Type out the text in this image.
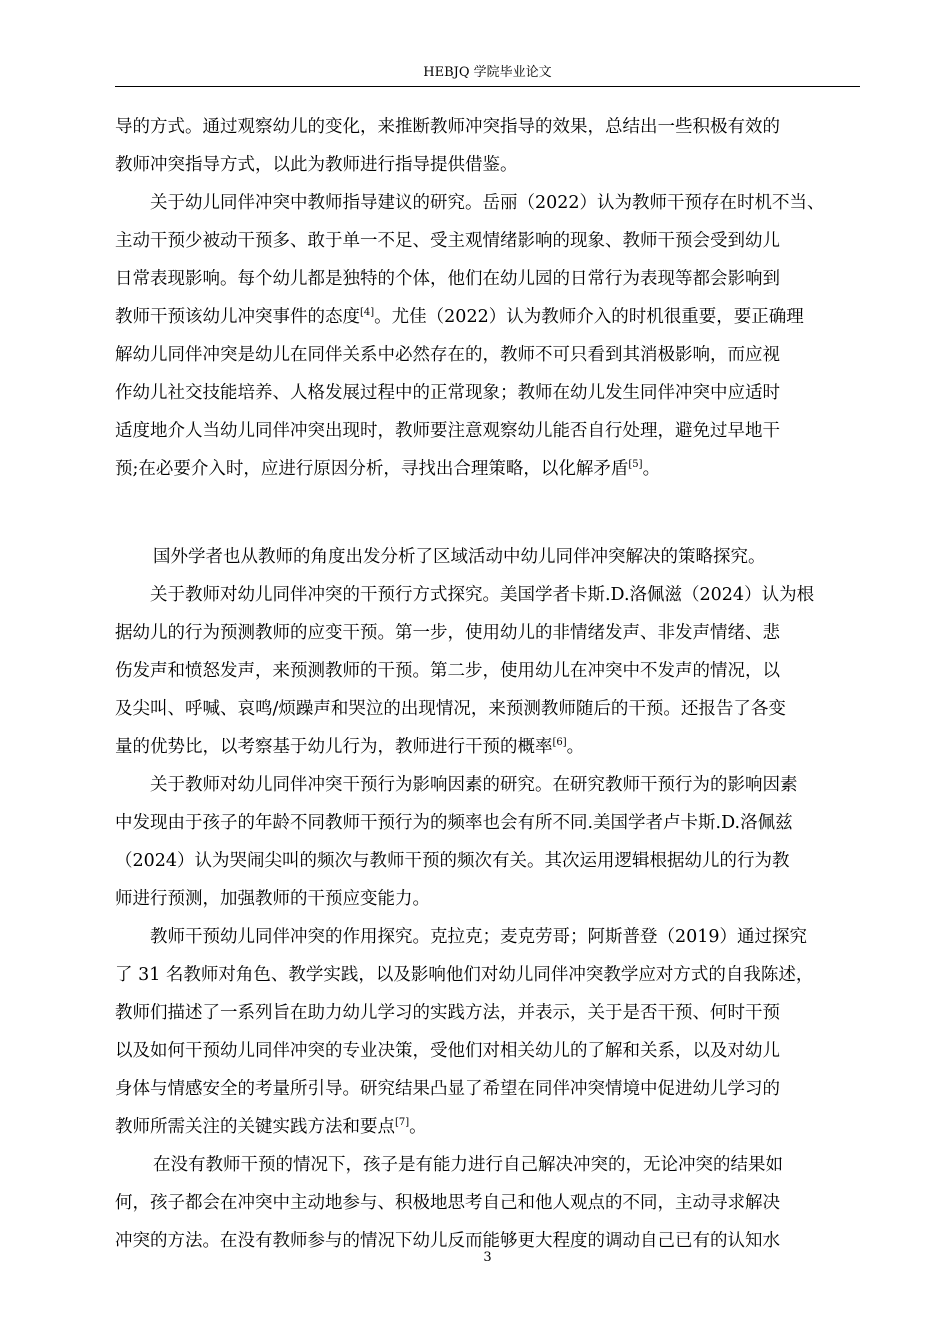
HEBJQ 学院毕业论文
导的方式。通过观察幼儿的变化，来推断教师冲突指导的效果，总结出一些积极有效的
教师冲突指导方式，以此为教师进行指导提供借鉴。
关于幼儿同伴冲突中教师指导建议的研究。岳丽（2022）认为教师干预存在时机不当、
主动干预少被动干预多、敢于单一不足、受主观情绪影响的现象、教师干预会受到幼儿
日常表现影响。每个幼儿都是独特的个体，他们在幼儿园的日常行为表现等都会影响到
教师干预该幼儿冲突事件的态度[4]。尤佳（2022）认为教师介入的时机很重要，要正确理
解幼儿同伴冲突是幼儿在同伴关系中必然存在的，教师不可只看到其消极影响，而应视
作幼儿社交技能培养、人格发展过程中的正常现象；教师在幼儿发生同伴冲突中应适时
适度地介人当幼儿同伴冲突出现时，教师要注意观察幼儿能否自行处理，避免过早地干
预;在必要介入时，应进行原因分析，寻找出合理策略，以化解矛盾[5]。
国外学者也从教师的角度出发分析了区域活动中幼儿同伴冲突解决的策略探究。
关于教师对幼儿同伴冲突的干预行方式探究。美国学者卡斯.D.洛佩滋（2024）认为根
据幼儿的行为预测教师的应变干预。第一步，使用幼儿的非情绪发声、非发声情绪、悲
伤发声和愤怒发声，来预测教师的干预。第二步，使用幼儿在冲突中不发声的情况，以
及尖叫、呼喊、哀鸣/烦躁声和哭泣的出现情况，来预测教师随后的干预。还报告了各变
量的优势比，以考察基于幼儿行为，教师进行干预的概率[6]。
关于教师对幼儿同伴冲突干预行为影响因素的研究。在研究教师干预行为的影响因素
中发现由于孩子的年龄不同教师干预行为的频率也会有所不同.美国学者卢卡斯.D.洛佩兹
（2024）认为哭闹尖叫的频次与教师干预的频次有关。其次运用逻辑根据幼儿的行为教
师进行预测，加强教师的干预应变能力。
教师干预幼儿同伴冲突的作用探究。克拉克；麦克劳哥；阿斯普登（2019）通过探究
了 31 名教师对角色、教学实践，以及影响他们对幼儿同伴冲突教学应对方式的自我陈述，
教师们描述了一系列旨在助力幼儿学习的实践方法，并表示，关于是否干预、何时干预
以及如何干预幼儿同伴冲突的专业决策，受他们对相关幼儿的了解和关系，以及对幼儿
身体与情感安全的考量所引导。研究结果凸显了希望在同伴冲突情境中促进幼儿学习的
教师所需关注的关键实践方法和要点[7]。
在没有教师干预的情况下，孩子是有能力进行自己解决冲突的，无论冲突的结果如
何，孩子都会在冲突中主动地参与、积极地思考自己和他人观点的不同，主动寻求解决
冲突的方法。在没有教师参与的情况下幼儿反而能够更大程度的调动自己已有的认知水
3
